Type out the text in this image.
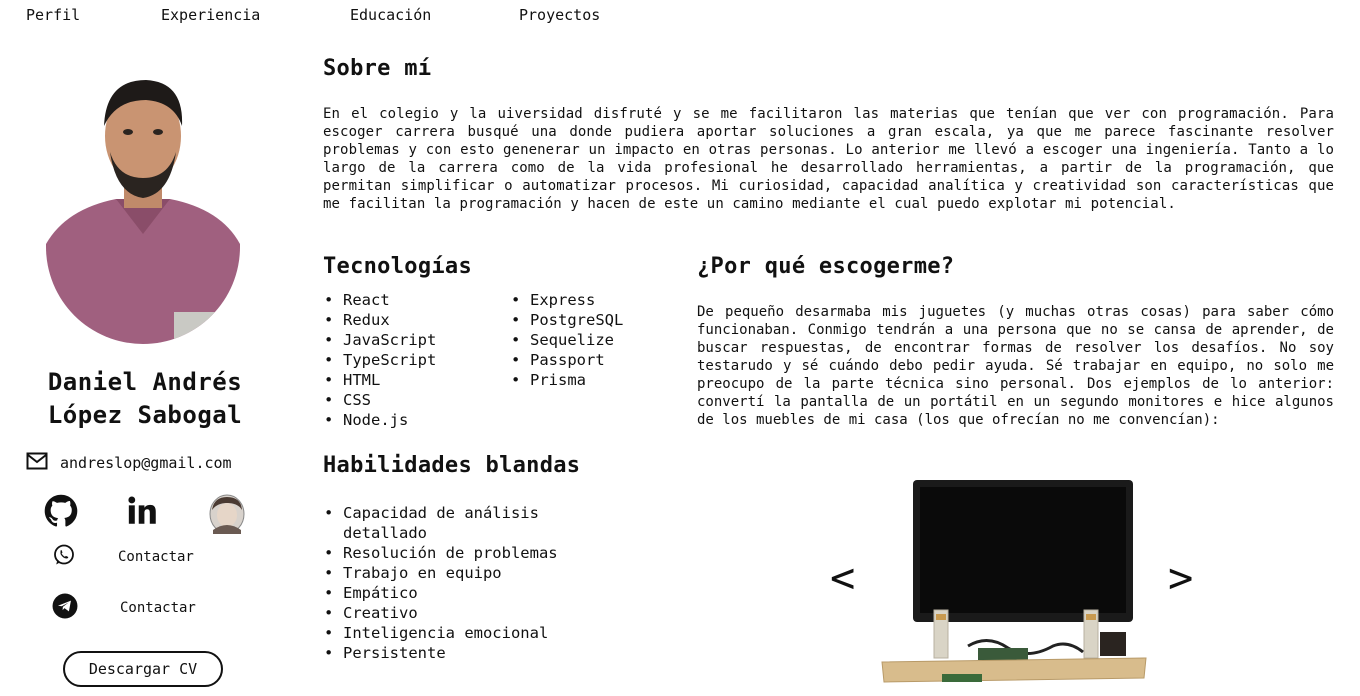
Perfil	Experiencia	Educación	Proyectos
Daniel Andrés López Sabogal
andreslop@gmail.com
Contactar
Contactar
Descargar CV
Sobre mí

En el colegio y la uiversidad disfruté y se me facilitaron las materias que tenían que ver con programación. Para escoger carrera busqué una donde pudiera aportar soluciones a gran escala, ya que me parece fascinante resolver problemas y con esto genenerar un impacto en otras personas. Lo anterior me llevó a escoger una ingeniería. Tanto a lo largo de la carrera como de la vida profesional he desarrollado herramientas, a partir de la programación, que permitan simplificar o automatizar procesos. Mi curiosidad, capacidad analítica y creatividad son características que me facilitan la programación y hacen de este un camino mediante el cual puedo explotar mi potencial.

Tecnologías
• React
• Redux
• JavaScript
• TypeScript
• HTML
• CSS
• Node.js
• Express
• PostgreSQL
• Sequelize
• Passport
• Prisma
Habilidades blandas
• Capacidad de análisis detallado
• Resolución de problemas
• Trabajo en equipo
• Empático
• Creativo
• Inteligencia emocional
• Persistente
¿Por qué escogerme?

De pequeño desarmaba mis juguetes (y muchas otras cosas) para saber cómo funcionaban. Conmigo tendrán a una persona que no se cansa de aprender, de buscar respuestas, de encontrar formas de resolver los desafíos. No soy testarudo y sé cuándo debo pedir ayuda. Sé trabajar en equipo, no solo me preocupo de la parte técnica sino personal. Dos ejemplos de lo anterior: convertí la pantalla de un portátil en un segundo monitores e hice algunos de los muebles de mi casa (los que ofrecían no me convencían):

<	>
